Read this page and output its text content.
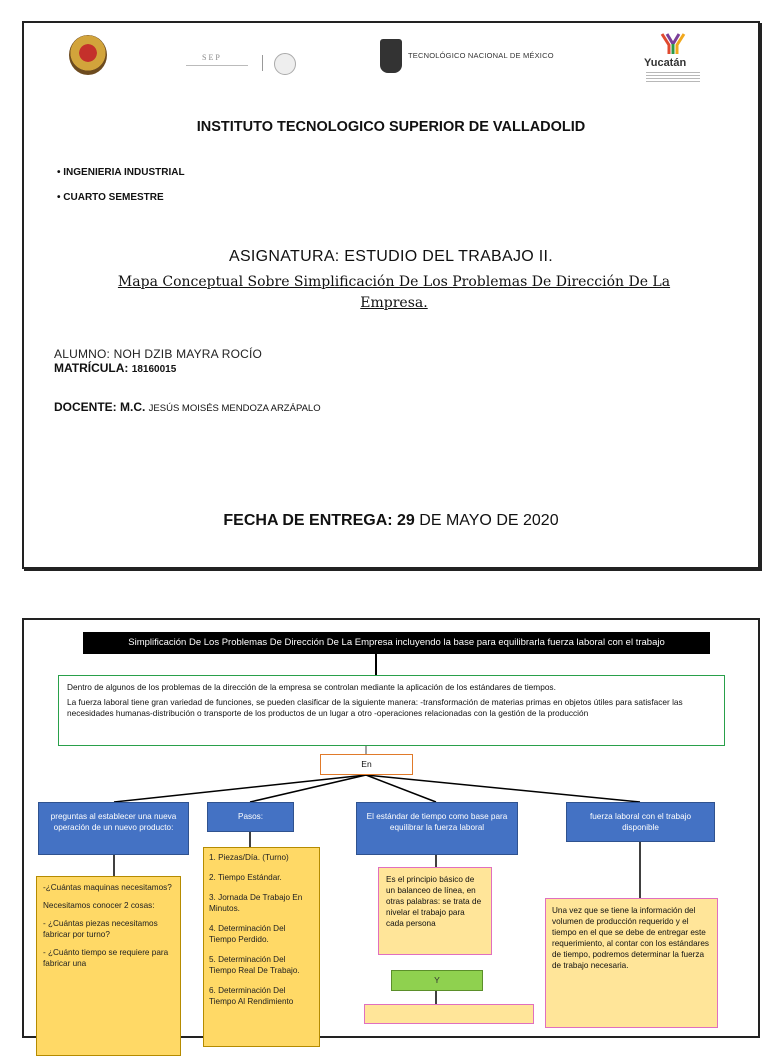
SEP	TECNOLÓGICO NACIONAL DE MÉXICO
Yucatán
INSTITUTO TECNOLOGICO SUPERIOR DE VALLADOLID
• INGENIERIA INDUSTRIAL
• CUARTO SEMESTRE
ASIGNATURA: ESTUDIO DEL TRABAJO II.
Mapa Conceptual Sobre Simplificación De Los Problemas De Dirección De La Empresa.
ALUMNO: NOH DZIB MAYRA ROCÍO
MATRÍCULA: 18160015
DOCENTE: M.C. JESÚS MOISÉS MENDOZA ARZÁPALO
FECHA DE ENTREGA: 29 DE MAYO DE 2020
Simplificación De Los Problemas De Dirección De La Empresa incluyendo la base para equilibrarla fuerza laboral con el trabajo

Dentro de algunos de los problemas de la dirección de la empresa se controlan mediante la aplicación de los estándares de tiempos.

La fuerza laboral tiene gran variedad de funciones, se pueden clasificar de la siguiente manera: -transformación de materias primas en objetos útiles para satisfacer las necesidades humanas-distribución o transporte de los productos de un lugar a otro -operaciones relacionadas con la gestión de la producción

En
preguntas al establecer una nueva operación de un nuevo producto:
Pasos:	El estándar de tiempo como base para equilibrar la fuerza laboral
fuerza laboral con el trabajo disponible

-¿Cuántas maquinas necesitamos?

Necesitamos conocer 2 cosas:

- ¿Cuántas piezas necesitamos fabricar por turno?

- ¿Cuánto tiempo se requiere para fabricar una

1. Piezas/Día. (Turno)

2. Tiempo Estándar.

3. Jornada De Trabajo En Minutos.

4. Determinación Del Tiempo Perdido.

5. Determinación Del Tiempo Real De Trabajo.

6. Determinación Del Tiempo Al Rendimiento

Es el principio básico de un balanceo de línea, en otras palabras: se trata de nivelar el trabajo para cada persona
Y
Una vez que se tiene la información del volumen de producción requerido y el tiempo en el que se debe de entregar este requerimiento, al contar con los estándares de tiempo, podremos determinar la fuerza de trabajo necesaria.
